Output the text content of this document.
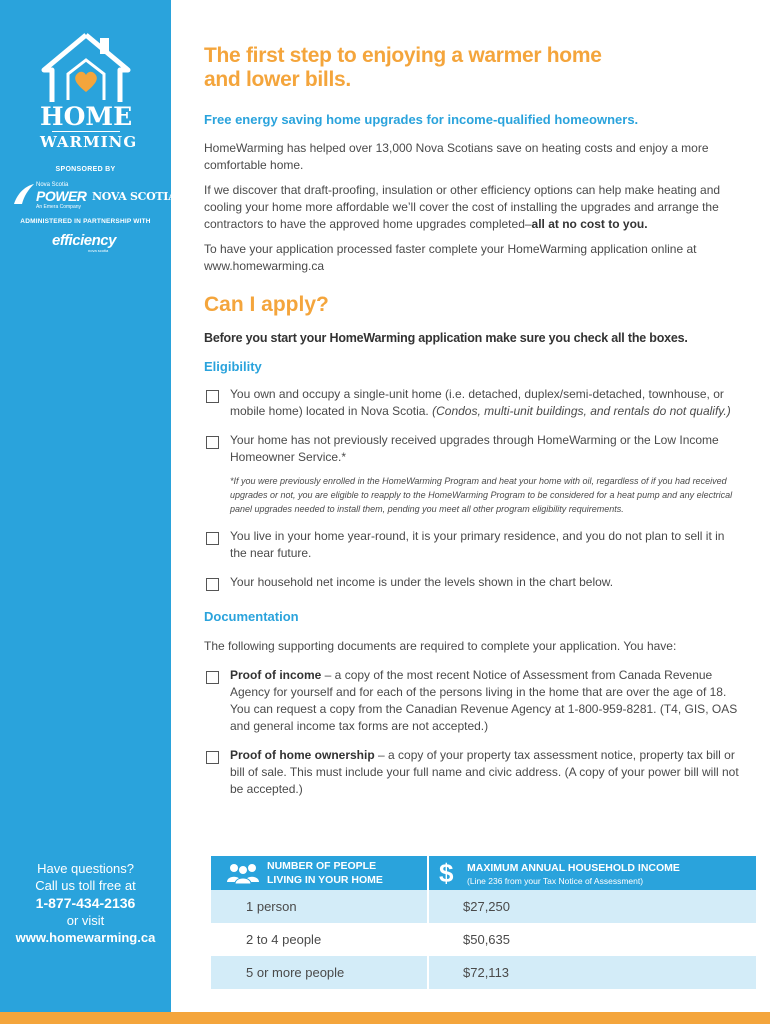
HOME
WARMING
SPONSORED BY
Nova Scotia
POWER
An Emera Company
NOVA SCOTIA
ADMINISTERED IN PARTNERSHIP WITH
efficiency
nova scotia
Have questions?
Call us toll free at
1-877-434-2136
or visit
www.homewarming.ca
The first step to enjoying a warmer home
and lower bills.
Free energy saving home upgrades for income-qualified homeowners.

HomeWarming has helped over 13,000 Nova Scotians save on heating costs and enjoy a more comfortable home.

If we discover that draft-proofing, insulation or other efficiency options can help make heating and cooling your home more affordable we’ll cover the cost of installing the upgrades and arrange the contractors to have the approved home upgrades completed–all at no cost to you.

To have your application processed faster complete your HomeWarming application online at www.homewarming.ca

Can I apply?
Before you start your HomeWarming application make sure you check all the boxes.
Eligibility
You own and occupy a single-unit home (i.e. detached, duplex/semi-detached, townhouse, or mobile home) located in Nova Scotia. (Condos, multi-unit buildings, and rentals do not qualify.)
Your home has not previously received upgrades through HomeWarming or the Low Income Homeowner Service.*
*If you were previously enrolled in the HomeWarming Program and heat your home with oil, regardless of if you had received upgrades or not, you are eligible to reapply to the HomeWarming Program to be considered for a heat pump and any electrical panel upgrades needed to install them, pending you meet all other program eligibility requirements.
You live in your home year-round, it is your primary residence, and you do not plan to sell it in the near future.
Your household net income is under the levels shown in the chart below.
Documentation
The following supporting documents are required to complete your application. You have:
Proof of income – a copy of the most recent Notice of Assessment from Canada Revenue Agency for yourself and for each of the persons living in the home that are over the age of 18. You can request a copy from the Canadian Revenue Agency at 1-800-959-8281. (T4, GIS, OAS and general income tax forms are not accepted.)
Proof of home ownership – a copy of your property tax assessment notice, property tax bill or bill of sale. This must include your full name and civic address. (A copy of your power bill will not be accepted.)
NUMBER OF PEOPLE
LIVING IN YOUR HOME	$ MAXIMUM ANNUAL HOUSEHOLD INCOME
(Line 236 from your Tax Notice of Assessment)
1 person	$27,250
2 to 4 people	$50,635
5 or more people	$72,113
